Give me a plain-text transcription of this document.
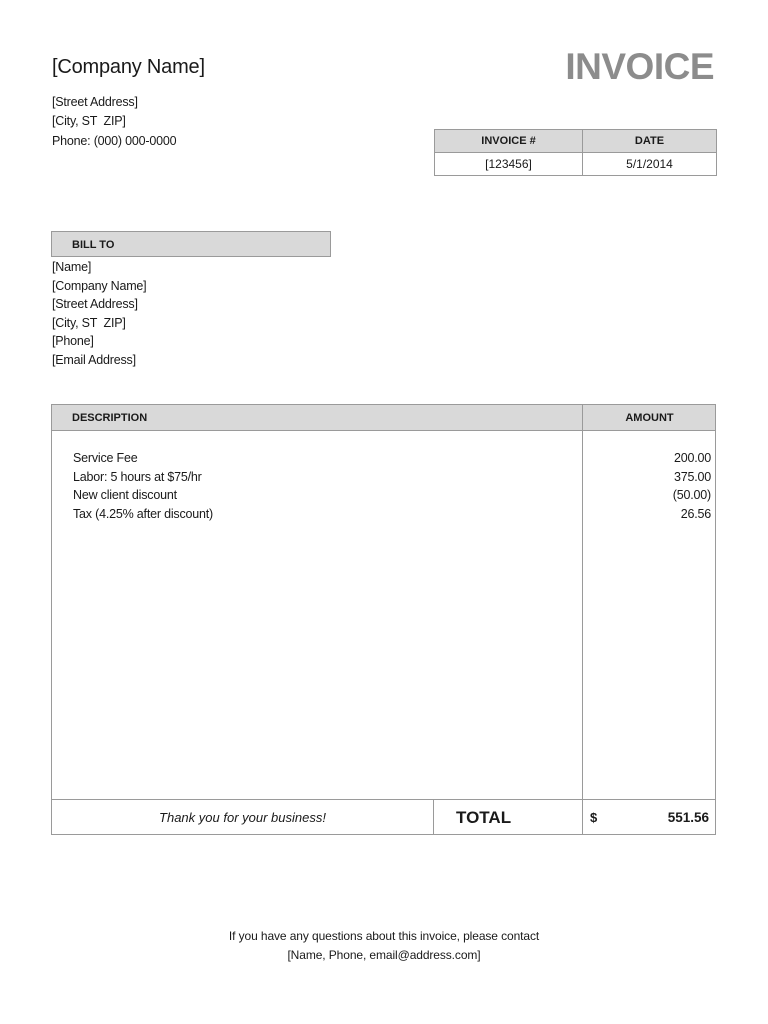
[Company Name]	INVOICE
[Street Address]
[City, ST  ZIP]
Phone: (000) 000-0000	INVOICE #	DATE
[123456]	5/1/2014
BILL TO
[Name]
[Company Name]
[Street Address]
[City, ST  ZIP]
[Phone]
[Email Address]
DESCRIPTION	AMOUNT
Service Fee	200.00
Labor: 5 hours at $75/hr	375.00
New client discount	(50.00)
Tax (4.25% after discount)	26.56
Thank you for your business!	TOTAL	$	551.56
If you have any questions about this invoice, please contact
[Name, Phone, email@address.com]
